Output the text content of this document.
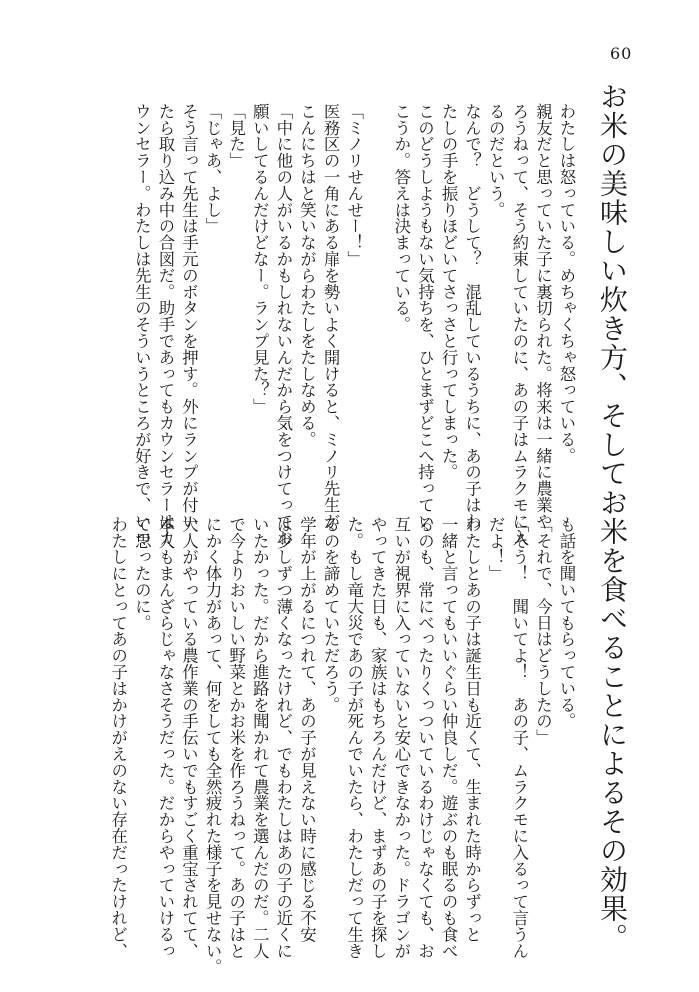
60
お米の美味しい炊き方、そしてお米を食べることによるその効果。
わたしは怒っている。めちゃくちゃ怒っている。
親友だと思っていた子に裏切られた。将来は一緒に農業や
ろうねって、そう約束していたのに、あの子はムラクモに入
るのだという。
なんで？　どうして？　混乱しているうちに、あの子はわ
たしの手を振りほどいてさっさと行ってしまった。
このどうしようもない気持ちを、ひとまずどこへ持ってい
こうか。答えは決まっている。

「ミノリせんせー！」
医務区の一角にある扉を勢いよく開けると、ミノリ先生が
こんにちはと笑いながらわたしをたしなめる。
「中に他の人がいるかもしれないんだから気をつけてってお
願いしてるんだけどなー。ランプ見た？」
「見た」
「じゃあ、よし」
そう言って先生は手元のボタンを押す。外にランプが付い
たら取り込み中の合図だ。助手であってもカウンセラーはカ
ウンセラー。わたしは先生のそういうところが好きで、いつ
も話を聞いてもらっている。
「それで、今日はどうしたの」
「そう！　聞いてよ！　あの子、ムラクモに入るって言うん
だよ！」
わたしとあの子は誕生日も近くて、生まれた時からずっと
一緒と言ってもいいぐらい仲良しだ。遊ぶのも眠るのも食べ
るのも、常にべったりくっついているわけじゃなくても、お
互いが視界に入っていないと安心できなかった。ドラゴンが
やってきた日も、家族はもちろんだけど、まずあの子を探し
た。もし竜大災であの子が死んでいたら、わたしだって生き
るのを諦めていただろう。
学年が上がるにつれて、あの子が見えない時に感じる不安
は少しずつ薄くなったけれど、でもわたしはあの子の近くに
いたかった。だから進路を聞かれて農業を選んだのだ。二人
で今よりおいしい野菜とかお米を作ろうねって。あの子はと
にかく体力があって、何をしても全然疲れた様子を見せない。
大人がやっている農作業の手伝いでもすごく重宝されてて、
本人もまんざらじゃなさそうだった。だからやっていけるっ
て思ったのに。
わたしにとってあの子はかけがえのない存在だったけれど、
